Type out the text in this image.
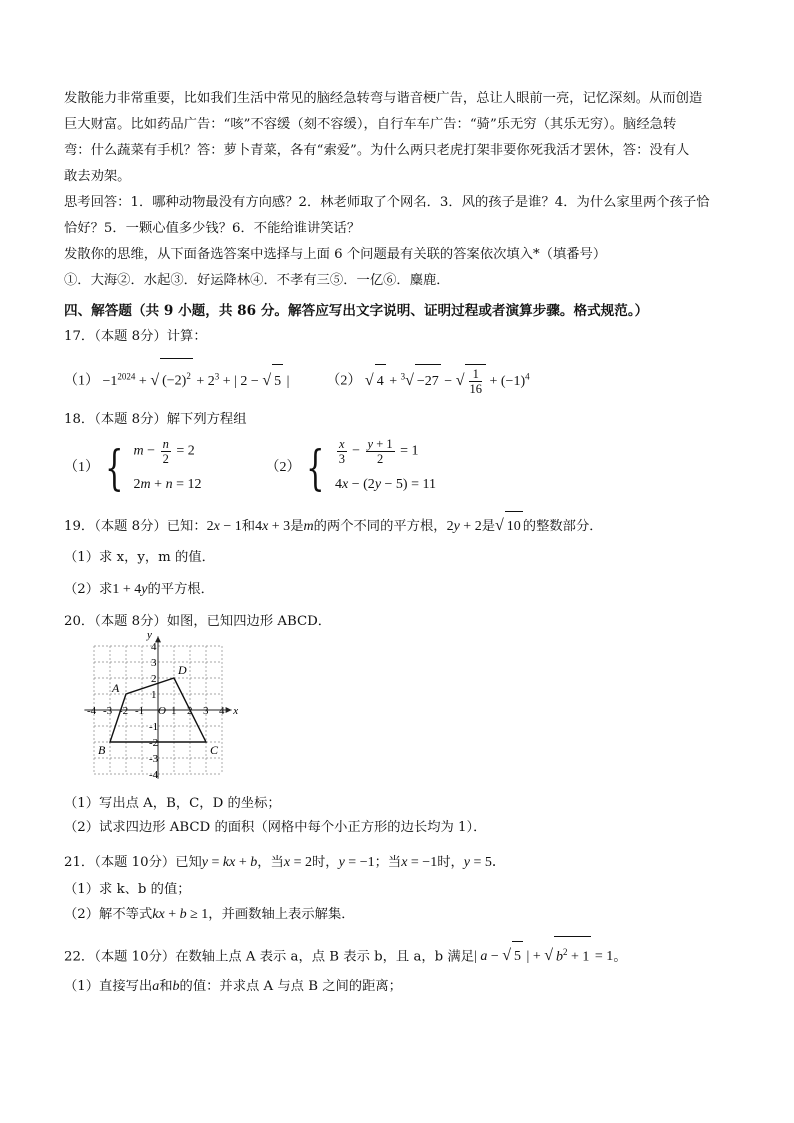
发散能力非常重要，比如我们生活中常见的脑经急转弯与谐音梗广告，总让人眼前一亮，记忆深刻。从而创造

巨大财富。比如药品广告：“咳”不容缓（刻不容缓），自行车车广告：“骑”乐无穷（其乐无穷）。脑经急转

弯：什么蔬菜有手机？答：萝卜青菜，各有“索爱”。为什么两只老虎打架非要你死我活才罢休，答：没有人

敢去劝架。

思考回答：1．哪种动物最没有方向感？2．林老师取了个网名．3．风的孩子是谁？4．为什么家里两个孩子恰

恰好？5．一颗心值多少钱？6．不能给谁讲笑话？

发散你的思维，从下面备选答案中选择与上面 6 个问题最有关联的答案依次填入*（填番号）

①．大海②．水起③．好运降林④．不孝有三⑤．一亿⑥．麋鹿．

四、解答题（共 9 小题，共 86 分。解答应写出文字说明、证明过程或者演算步骤。格式规范。）

17．（本题 8分）计算：

$(1) -1^{2024}$ + √ $(-2)^2 + 2^3$ + | 2 − √ 5 |	（2） √ 4 + $^3$√ −27 − √ $\frac{1}{16} + (-1)^4$

18．（本题 8分）解下列方程组

（1） { $m - \frac{n}{2} = 2$
2m + n = 12
（2） { $\frac{x}{3} - \frac{y + 1}{2} = 1$
4x − (2y − 5) = 11

19．（本题 8分）已知：2x − 1和4x + 3是m的两个不同的平方根，2y + 2是√ 10 的整数部分．

（1）求 x，y，m 的值．

（2）求1 + 4y的平方根．

20．（本题 8分）如图，已知四边形 ABCD．

x
y
-4 -3 -2 -1 O 1 2 3 4
4
3
2
1
-1
-2
-3
-4
A
B	C
D

（1）写出点 A，B，C，D 的坐标；

（2）试求四边形 ABCD 的面积（网格中每个小正方形的边长均为 1）．

21．（本题 10分）已知y = kx + b，当x = 2时，y = −1；当x = −1时，y = 5．

（1）求 k、b 的值；

（2）解不等式kx + b ≥ 1，并画数轴上表示解集．

22．（本题 10分）在数轴上点 A 表示 a，点 B 表示 b，且 a，b 满足| a − √ 5 | + √ $b^2 + 1 = 1$。

（1）直接写出a和b的值：并求点 A 与点 B 之间的距离；
